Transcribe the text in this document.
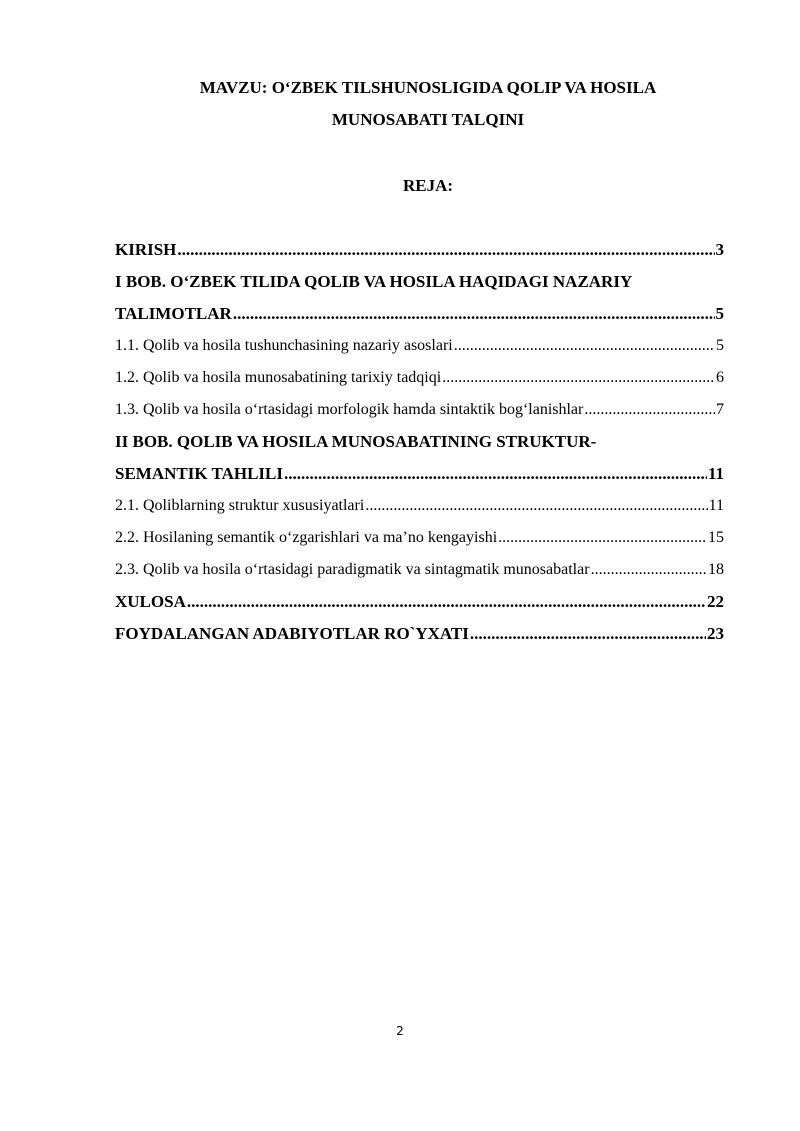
MAVZU: O‘ZBEK TILSHUNOSLIGIDA QOLIP VA HOSILA
MUNOSABATI TALQINI
REJA:
KIRISH .....	3
I BOB. O‘ZBEK TILIDA QOLIB VA HOSILA HAQIDAGI NAZARIY
TALIMOTLAR .....	5
1.1. Qolib va hosila tushunchasining nazariy asoslari .....	5
1.2. Qolib va hosila munosabatining tarixiy tadqiqi .....	6
1.3. Qolib va hosila o‘rtasidagi morfologik hamda sintaktik bog‘lanishlar .....	7
II BOB. QOLIB VA HOSILA MUNOSABATINING STRUKTUR-
SEMANTIK TAHLILI .....	11
2.1. Qoliblarning struktur xususiyatlari .....	11
2.2. Hosilaning semantik o‘zgarishlari va ma’no kengayishi .....	15
2.3. Qolib va hosila o‘rtasidagi paradigmatik va sintagmatik munosabatlar .....	18
XULOSA .....	22
FOYDALANGAN ADABIYOTLAR RO`YXATI .....	23
2
